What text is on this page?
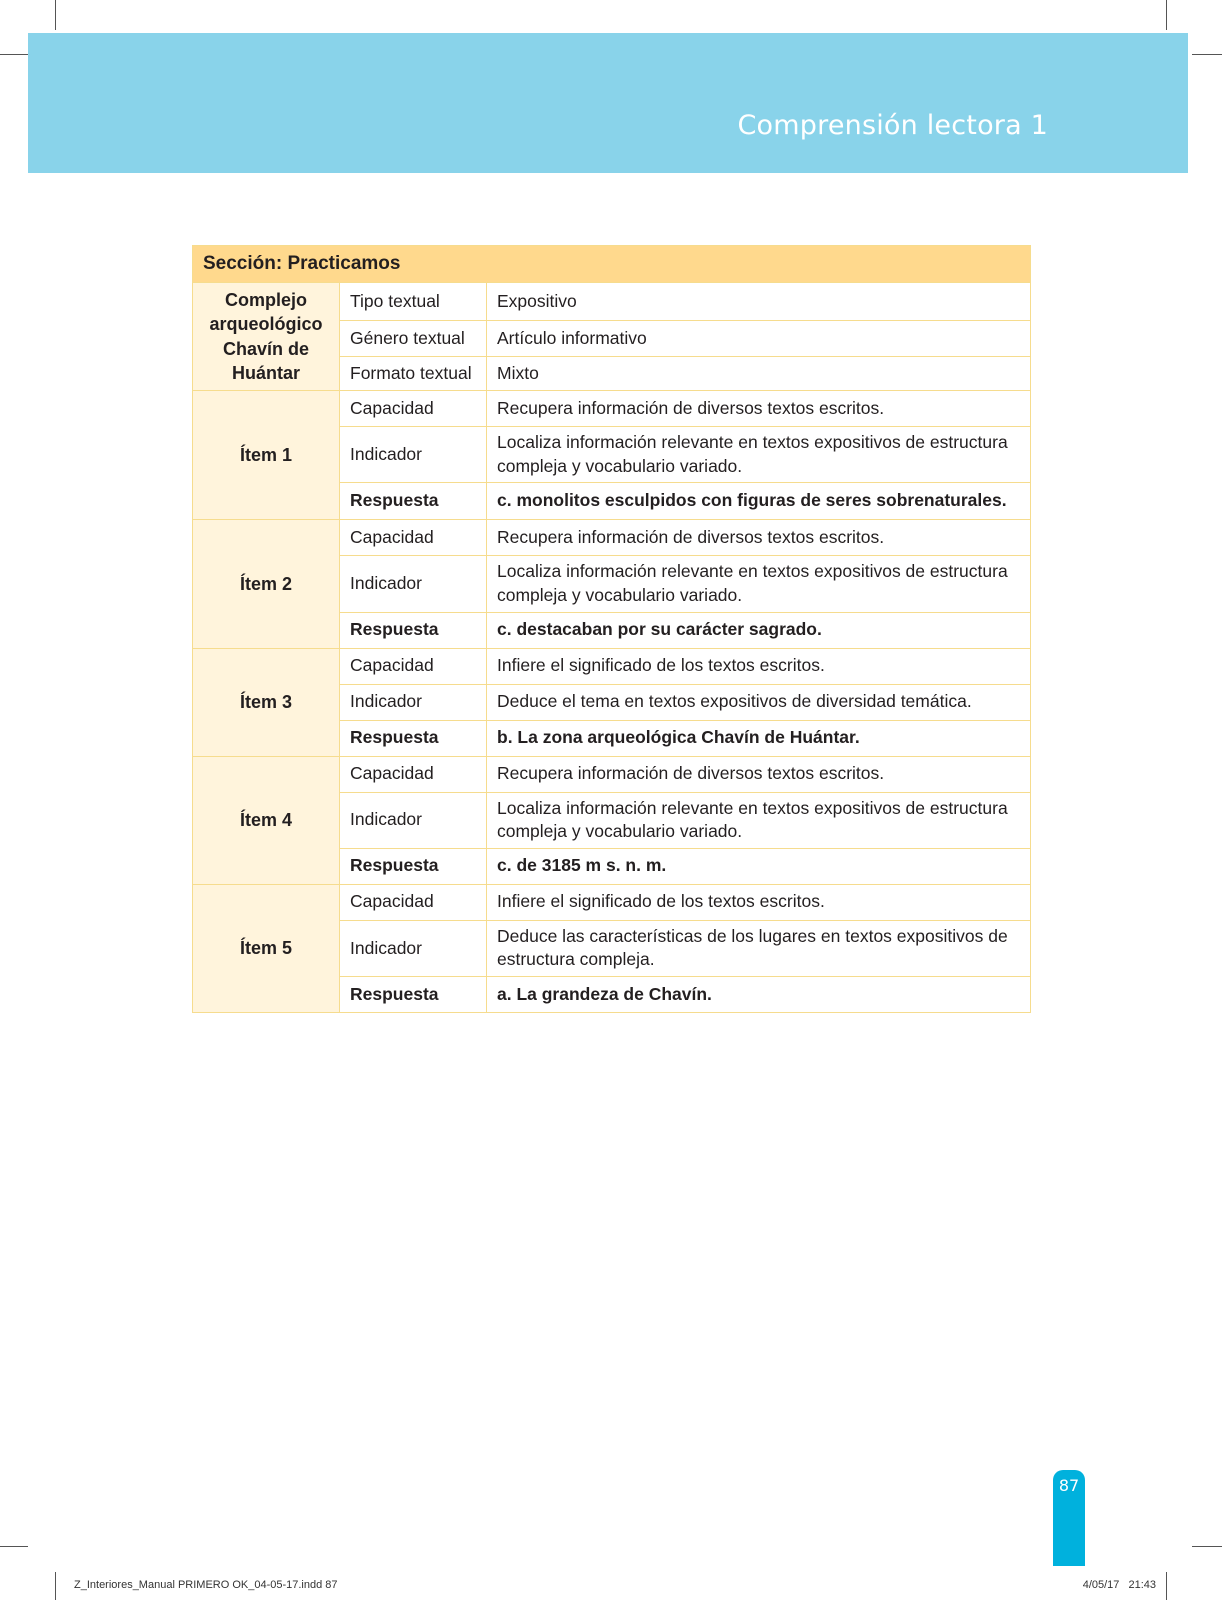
Comprensión lectora 1
Sección: Practicamos		
Complejo arqueológico Chavín de Huántar	Tipo textual	Expositivo
	Género textual	Artículo informativo
	Formato textual	Mixto
Ítem 1	Capacidad	Recupera información de diversos textos escritos.
	Indicador	Localiza información relevante en textos expositivos de estructura compleja y vocabulario variado.
	Respuesta	c. monolitos esculpidos con figuras de seres sobrenaturales.
Ítem 2	Capacidad	Recupera información de diversos textos escritos.
	Indicador	Localiza información relevante en textos expositivos de estructura compleja y vocabulario variado.
	Respuesta	c. destacaban por su carácter sagrado.
Ítem 3	Capacidad	Infiere el significado de los textos escritos.
	Indicador	Deduce el tema en textos expositivos de diversidad temática.
	Respuesta	b. La zona arqueológica Chavín de Huántar.
Ítem 4	Capacidad	Recupera información de diversos textos escritos.
	Indicador	Localiza información relevante en textos expositivos de estructura compleja y vocabulario variado.
	Respuesta	c. de 3185 m s. n. m.
Ítem 5	Capacidad	Infiere el significado de los textos escritos.
	Indicador	Deduce las características de los lugares en textos expositivos de estructura compleja.
	Respuesta	a. La grandeza de Chavín.
87
Z_Interiores_Manual PRIMERO OK_04-05-17.indd 87	4/05/17 21:43
